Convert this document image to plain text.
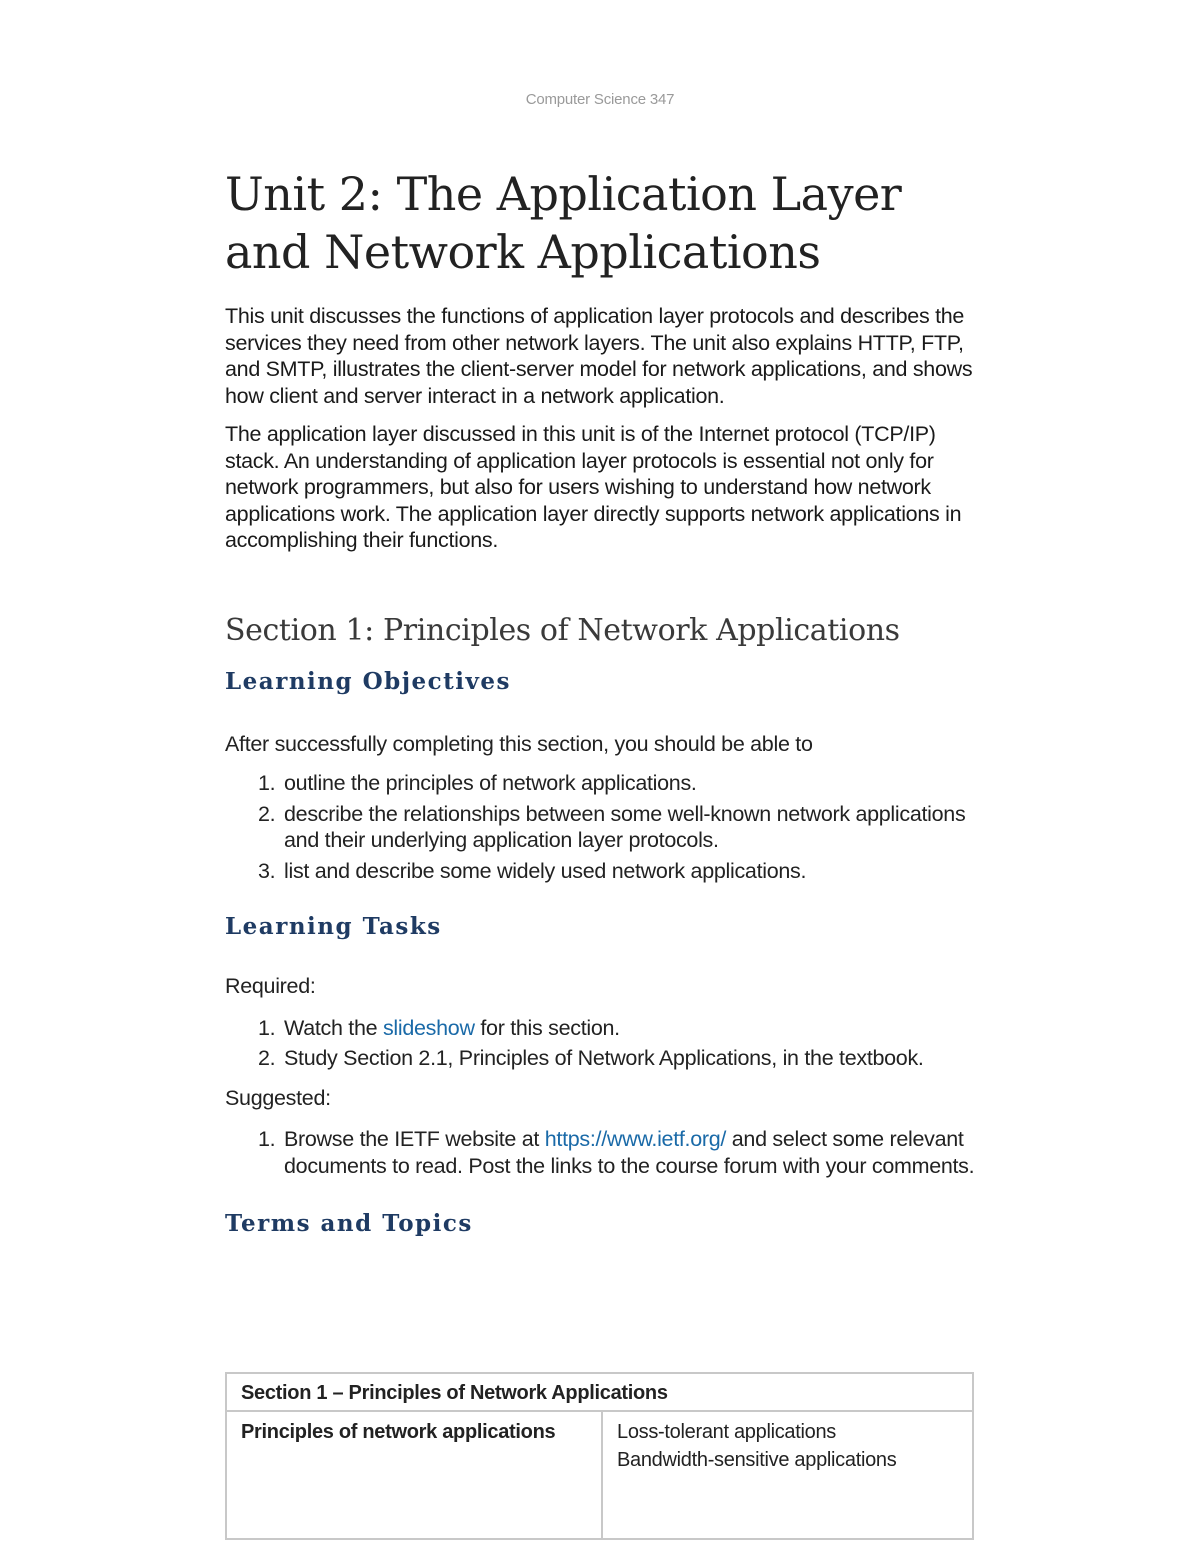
Computer Science 347
Unit 2: The Application Layer and Network Applications

This unit discusses the functions of application layer protocols and describes the services they need from other network layers. The unit also explains HTTP, FTP, and SMTP, illustrates the client-server model for network applications, and shows how client and server interact in a network application.

The application layer discussed in this unit is of the Internet protocol (TCP/IP) stack. An understanding of application layer protocols is essential not only for network programmers, but also for users wishing to understand how network applications work. The application layer directly supports network applications in accomplishing their functions.

Section 1: Principles of Network Applications
Learning Objectives

After successfully completing this section, you should be able to

1. outline the principles of network applications.
2. describe the relationships between some well-known network applications and their underlying application layer protocols.
3. list and describe some widely used network applications.
Learning Tasks

Required:

1. Watch the slideshow for this section.
2. Study Section 2.1, Principles of Network Applications, in the textbook.

Suggested:

1. Browse the IETF website at https://www.ietf.org/ and select some relevant documents to read. Post the links to the course forum with your comments.
Terms and Topics
Section 1 – Principles of Network Applications
Principles of network applications	Loss-tolerant applications
Bandwidth-sensitive applications
